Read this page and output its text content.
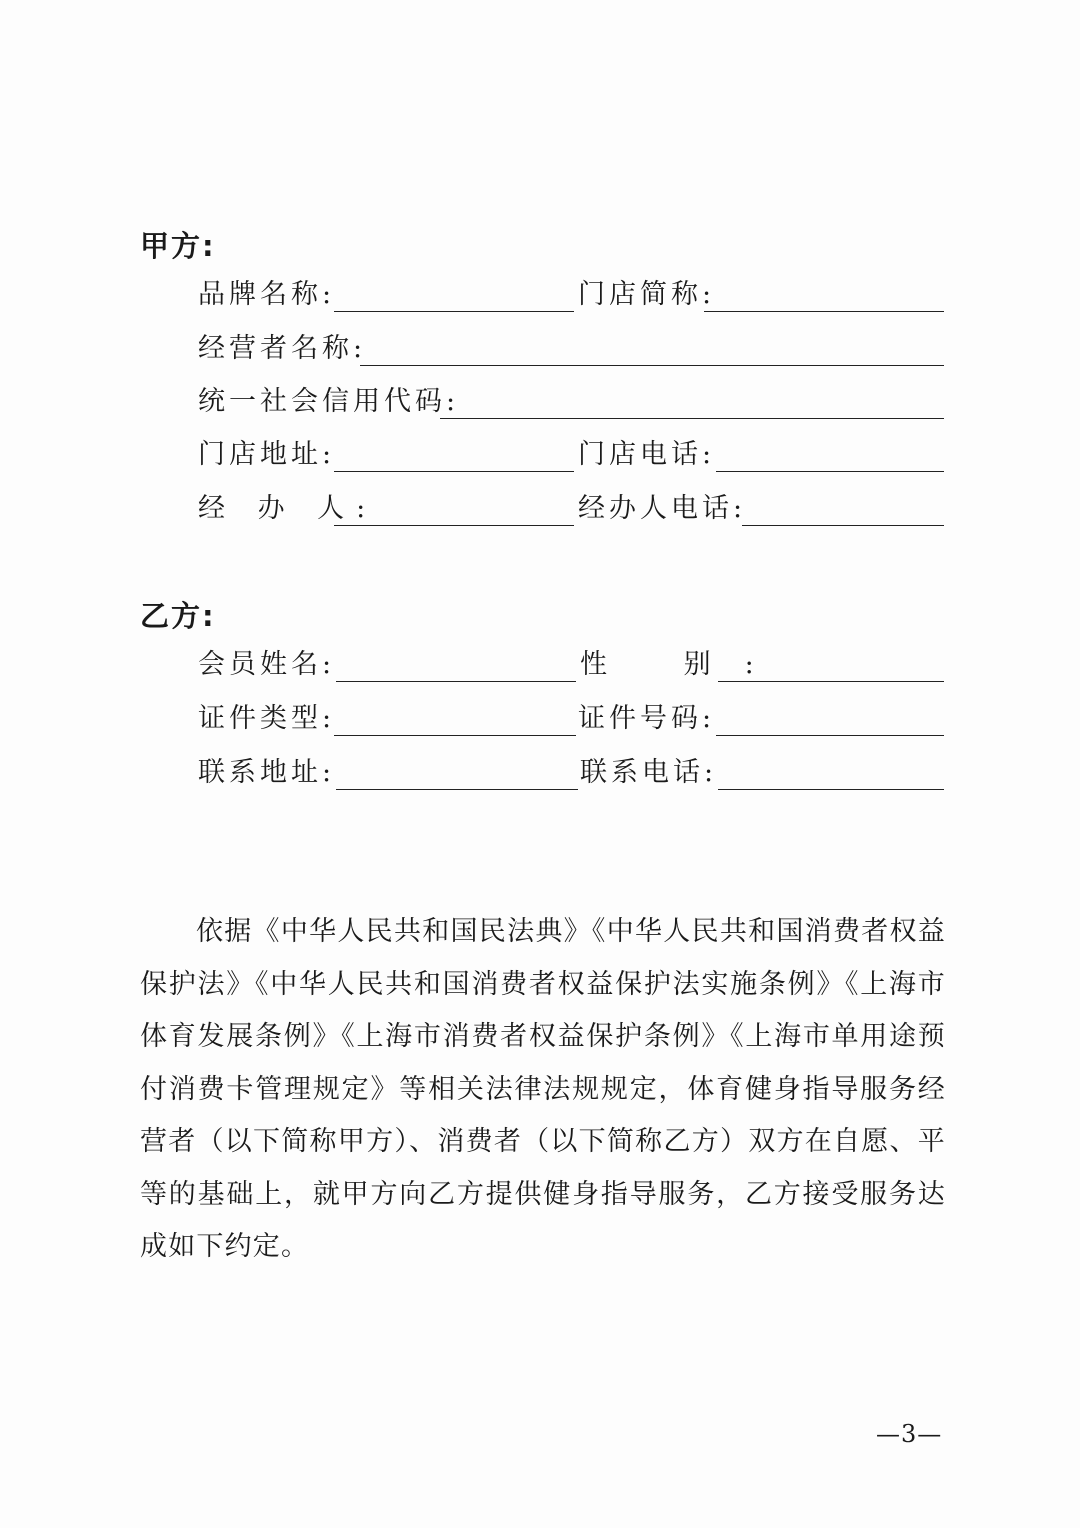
甲方:
品牌名称:	门店简称:
经营者名称:
统一社会信用代码:
门店地址:	门店电话:
经 办 人:	经办人电话:
乙方:
会员姓名:	性 别:
证件类型:	证件号码:
联系地址:	联系电话:

依据《中华人民共和国民法典》《中华人民共和国消费者权益保护法》《中华人民共和国消费者权益保护法实施条例》《上海市体育发展条例》《上海市消费者权益保护条例》《上海市单用途预付消费卡管理规定》等相关法律法规规定，体育健身指导服务经营者（以下简称甲方）、消费者（以下简称乙方）双方在自愿、平等的基础上，就甲方向乙方提供健身指导服务，乙方接受服务达成如下约定。

—3—
